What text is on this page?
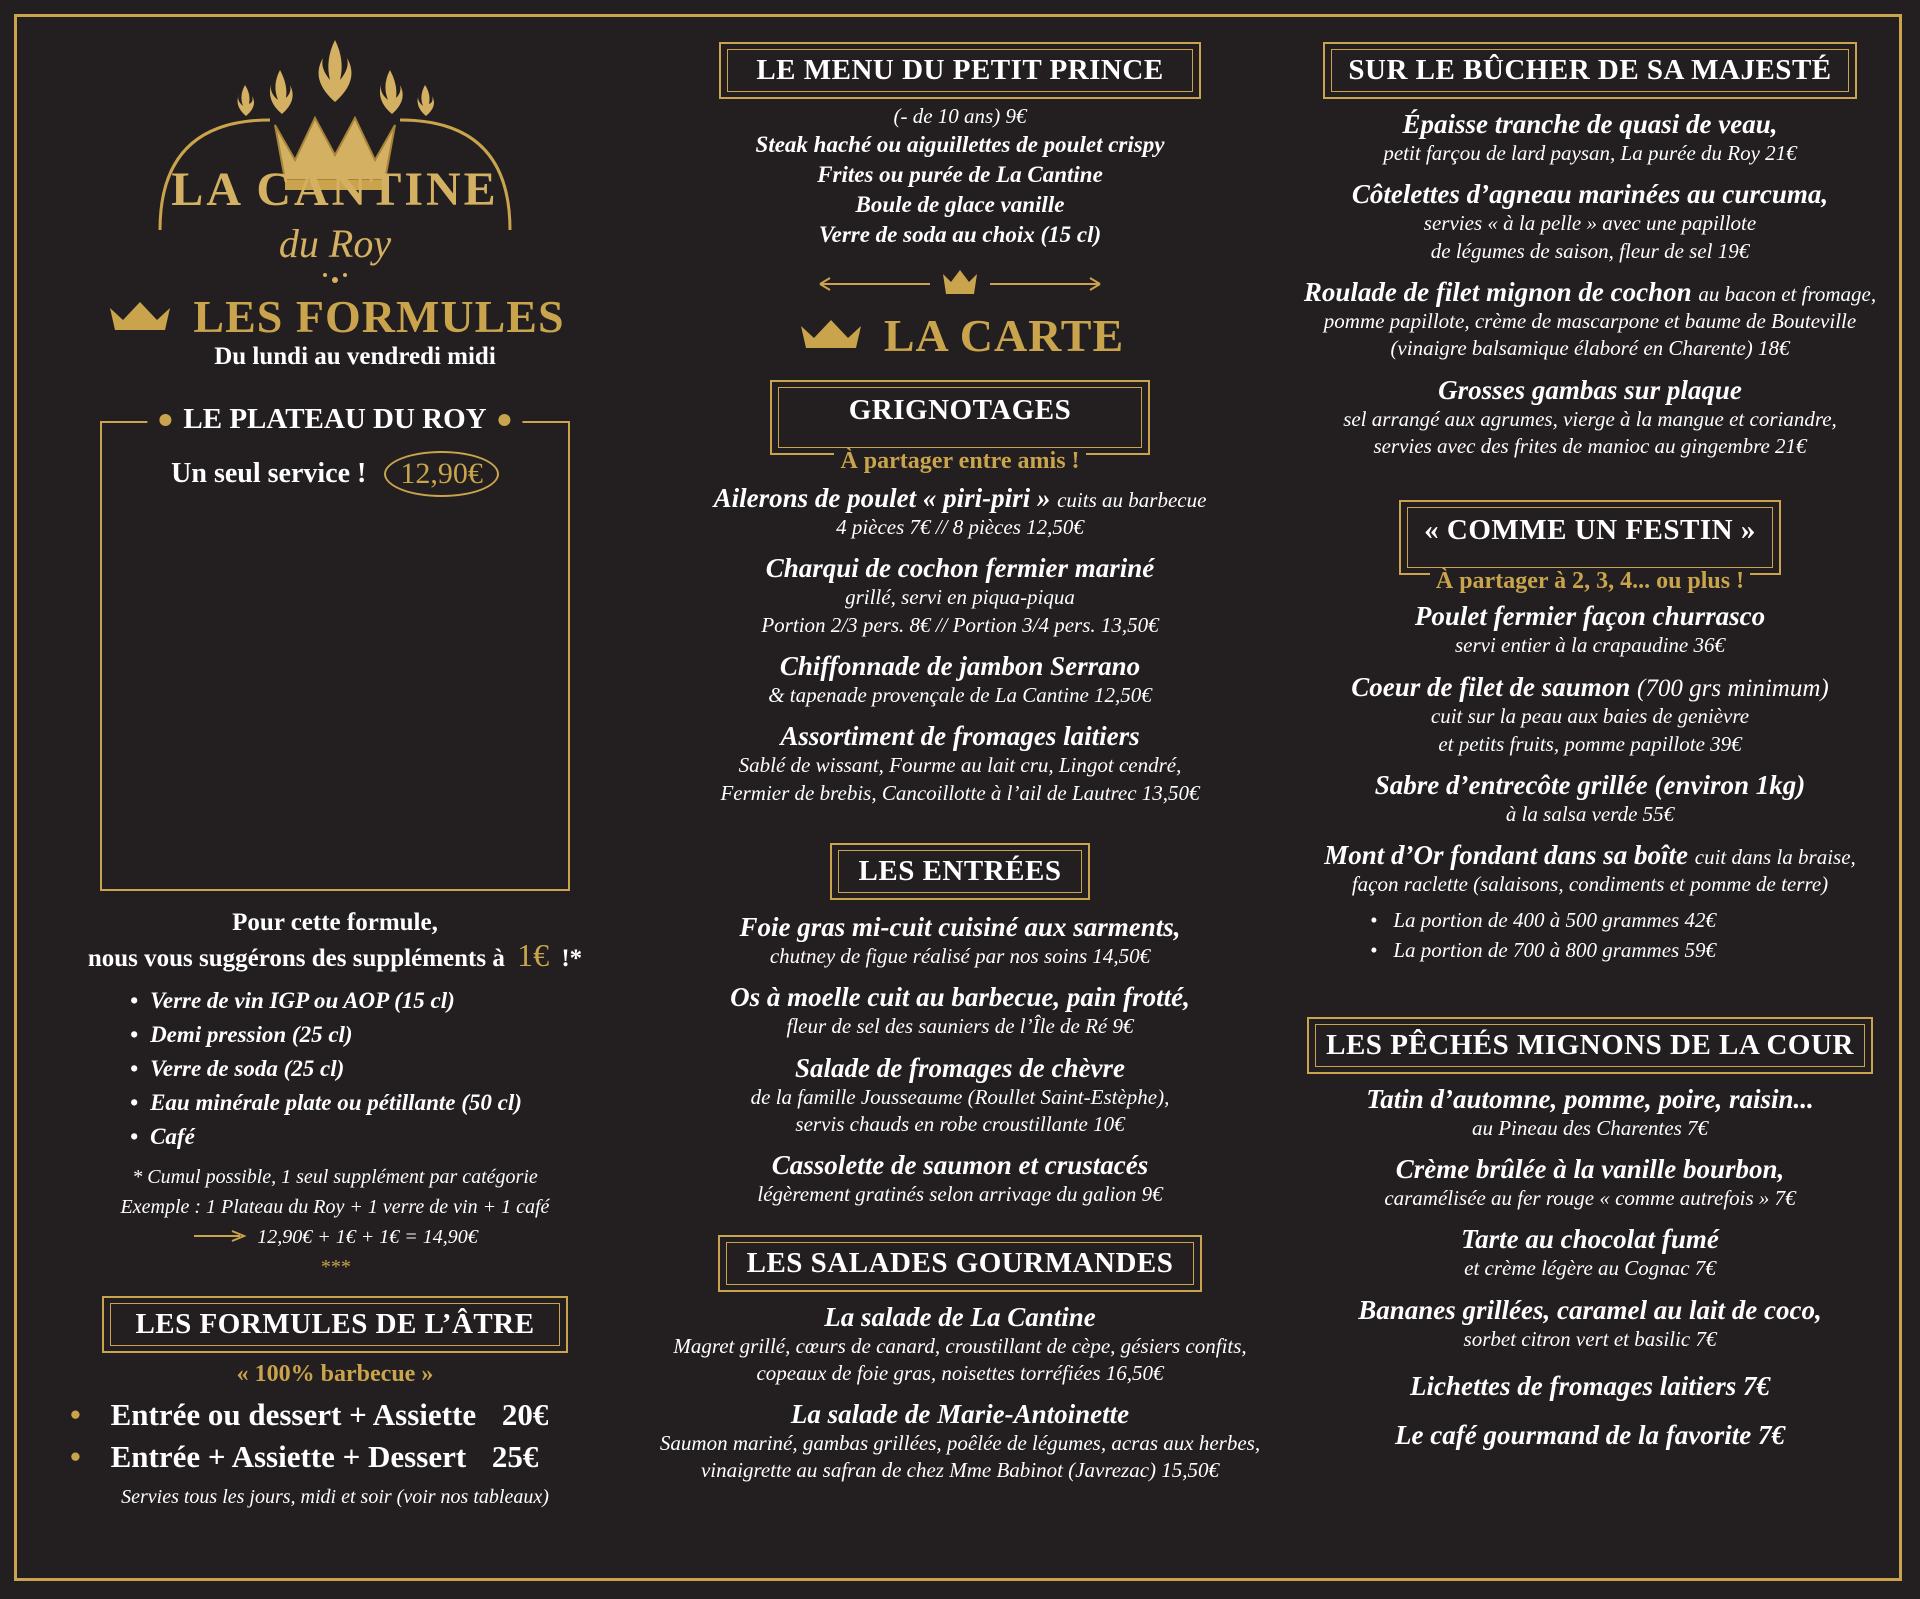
LA CANTINE
du Roy
LES FORMULES
Du lundi au vendredi midi
LE PLATEAU DU ROY
Un seul service !	12,90€
Pour cette formule,
nous vous suggérons des suppléments à 1€ !*
• Verre de vin IGP ou AOP (15 cl)
• Demi pression (25 cl)
• Verre de soda (25 cl)
• Eau minérale plate ou pétillante (50 cl)
• Café
* Cumul possible, 1 seul supplément par catégorie
Exemple : 1 Plateau du Roy + 1 verre de vin + 1 café
12,90€ + 1€ + 1€ = 14,90€
***
LES FORMULES DE L’ÂTRE
« 100% barbecue »
• Entrée ou dessert + Assiette 20€
• Entrée + Assiette + Dessert 25€
Servies tous les jours, midi et soir (voir nos tableaux)
LE MENU DU PETIT PRINCE
(- de 10 ans) 9€
Steak haché ou aiguillettes de poulet crispy
Frites ou purée de La Cantine
Boule de glace vanille
Verre de soda au choix (15 cl)
LA CARTE
GRIGNOTAGES
À partager entre amis !
Ailerons de poulet « piri-piri » cuits au barbecue
4 pièces 7€ // 8 pièces 12,50€
Charqui de cochon fermier mariné
grillé, servi en piqua-piqua
Portion 2/3 pers. 8€ // Portion 3/4 pers. 13,50€
Chiffonnade de jambon Serrano
& tapenade provençale de La Cantine 12,50€
Assortiment de fromages laitiers
Sablé de wissant, Fourme au lait cru, Lingot cendré,
Fermier de brebis, Cancoillotte à l’ail de Lautrec 13,50€
LES ENTRÉES
Foie gras mi-cuit cuisiné aux sarments,
chutney de figue réalisé par nos soins 14,50€
Os à moelle cuit au barbecue, pain frotté,
fleur de sel des sauniers de l’Île de Ré 9€
Salade de fromages de chèvre
de la famille Jousseaume (Roullet Saint-Estèphe),
servis chauds en robe croustillante 10€
Cassolette de saumon et crustacés
légèrement gratinés selon arrivage du galion 9€
LES SALADES GOURMANDES
La salade de La Cantine
Magret grillé, cœurs de canard, croustillant de cèpe, gésiers confits,
copeaux de foie gras, noisettes torréfiées 16,50€
La salade de Marie-Antoinette
Saumon mariné, gambas grillées, poêlée de légumes, acras aux herbes,
vinaigrette au safran de chez Mme Babinot (Javrezac) 15,50€
SUR LE BÛCHER DE SA MAJESTÉ
Épaisse tranche de quasi de veau,
petit farçou de lard paysan, La purée du Roy 21€
Côtelettes d’agneau marinées au curcuma,
servies « à la pelle » avec une papillote
de légumes de saison, fleur de sel 19€
Roulade de filet mignon de cochon au bacon et fromage,
pomme papillote, crème de mascarpone et baume de Bouteville
(vinaigre balsamique élaboré en Charente) 18€
Grosses gambas sur plaque
sel arrangé aux agrumes, vierge à la mangue et coriandre,
servies avec des frites de manioc au gingembre 21€
« COMME UN FESTIN »
À partager à 2, 3, 4... ou plus !
Poulet fermier façon churrasco
servi entier à la crapaudine 36€
Coeur de filet de saumon (700 grs minimum)
cuit sur la peau aux baies de genièvre
et petits fruits, pomme papillote 39€
Sabre d’entrecôte grillée (environ 1kg)
à la salsa verde 55€
Mont d’Or fondant dans sa boîte cuit dans la braise,
façon raclette (salaisons, condiments et pomme de terre)
• La portion de 400 à 500 grammes 42€
• La portion de 700 à 800 grammes 59€
LES PÊCHÉS MIGNONS DE LA COUR
Tatin d’automne, pomme, poire, raisin...
au Pineau des Charentes 7€
Crème brûlée à la vanille bourbon,
caramélisée au fer rouge « comme autrefois » 7€
Tarte au chocolat fumé
et crème légère au Cognac 7€
Bananes grillées, caramel au lait de coco,
sorbet citron vert et basilic 7€
Lichettes de fromages laitiers 7€
Le café gourmand de la favorite 7€
